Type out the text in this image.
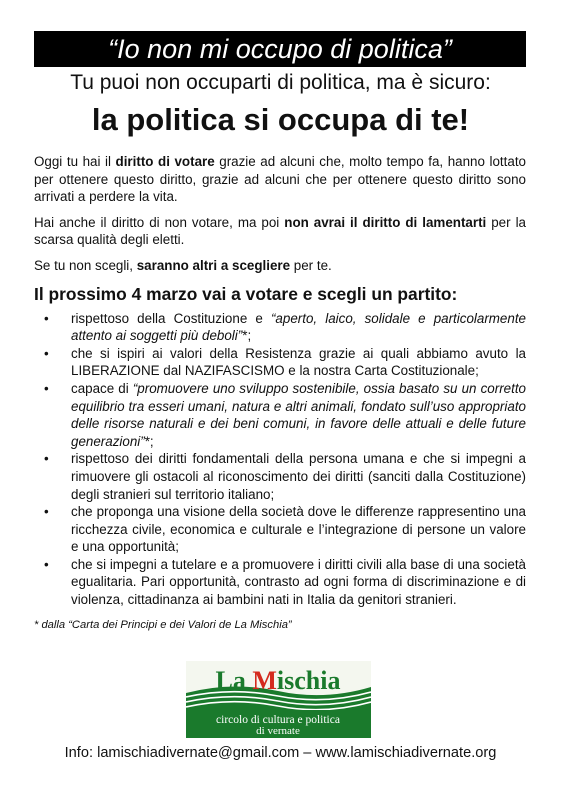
“Io non mi occupo di politica”
Tu puoi non occuparti di politica, ma è sicuro:
la politica si occupa di te!

Oggi tu hai il diritto di votare grazie ad alcuni che, molto tempo fa, hanno lottato per ottenere questo diritto, grazie ad alcuni che per ottenere questo diritto sono arrivati a perdere la vita.

Hai anche il diritto di non votare, ma poi non avrai il diritto di lamentarti per la scarsa qualità degli eletti.

Se tu non scegli, saranno altri a scegliere per te.

Il prossimo 4 marzo vai a votare e scegli un partito:
• rispettoso della Costituzione e “aperto, laico, solidale e particolarmente attento ai soggetti più deboli”*;
• che si ispiri ai valori della Resistenza grazie ai quali abbiamo avuto la LIBERAZIONE dal NAZIFASCISMO e la nostra Carta Costituzionale;
• capace di “promuovere uno sviluppo sostenibile, ossia basato su un corretto equilibrio tra esseri umani, natura e altri animali, fondato sull’uso appropriato delle risorse naturali e dei beni comuni, in favore delle attuali e delle future generazioni”*;
• rispettoso dei diritti fondamentali della persona umana e che si impegni a rimuovere gli ostacoli al riconoscimento dei diritti (sanciti dalla Costituzione) degli stranieri sul territorio italiano;
• che proponga una visione della società dove le differenze rappresentino una ricchezza civile, economica e culturale e l’integrazione di persone un valore e una opportunità;
• che si impegni a tutelare e a promuovere i diritti civili alla base di una società egualitaria. Pari opportunità, contrasto ad ogni forma di discriminazione e di violenza, cittadinanza ai bambini nati in Italia da genitori stranieri.
* dalla “Carta dei Principi e dei Valori de La Mischia”
La Mischia
circolo di cultura e politica
di vernate
Info: lamischiadivernate@gmail.com – www.lamischiadivernate.org
